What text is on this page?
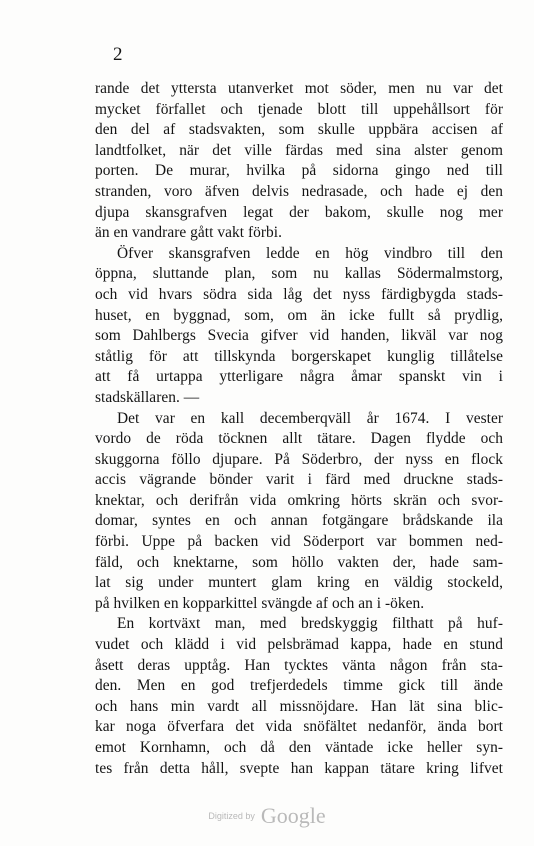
2
rande det yttersta utanverket mot söder, men nu var det
mycket förfallet och tjenade blott till uppehållsort för
den del af stadsvakten, som skulle uppbära accisen af
landtfolket, när det ville färdas med sina alster genom
porten. De murar, hvilka på sidorna gingo ned till
stranden, voro äfven delvis nedrasade, och hade ej den
djupa skansgrafven legat der bakom, skulle nog mer
än en vandrare gått vakt förbi.
Öfver skansgrafven ledde en hög vindbro till den
öppna, sluttande plan, som nu kallas Södermalmstorg,
och vid hvars södra sida låg det nyss färdigbygda stads-
huset, en byggnad, som, om än icke fullt så prydlig,
som Dahlbergs Svecia gifver vid handen, likväl var nog
ståtlig för att tillskynda borgerskapet kunglig tillåtelse
att få urtappa ytterligare några åmar spanskt vin i
stadskällaren. —
Det var en kall decemberqväll år 1674. I vester
vordo de röda töcknen allt tätare. Dagen flydde och
skuggorna föllo djupare. På Söderbro, der nyss en flock
accis vägrande bönder varit i färd med druckne stads-
knektar, och derifrån vida omkring hörts skrän och svor-
domar, syntes en och annan fotgängare brådskande ila
förbi. Uppe på backen vid Söderport var bommen ned-
fäld, och knektarne, som höllo vakten der, hade sam-
lat sig under muntert glam kring en väldig stockeld,
på hvilken en kopparkittel svängde af och an i -öken.
En kortväxt man, med bredskyggig filthatt på huf-
vudet och klädd i vid pelsbrämad kappa, hade en stund
åsett deras upptåg. Han tycktes vänta någon från sta-
den. Men en god trefjerdedels timme gick till ände
och hans min vardt all missnöjdare. Han lät sina blic-
kar noga öfverfara det vida snöfältet nedanför, ända bort
emot Kornhamn, och då den väntade icke heller syn-
tes från detta håll, svepte han kappan tätare kring lifvet
Digitized by Google
